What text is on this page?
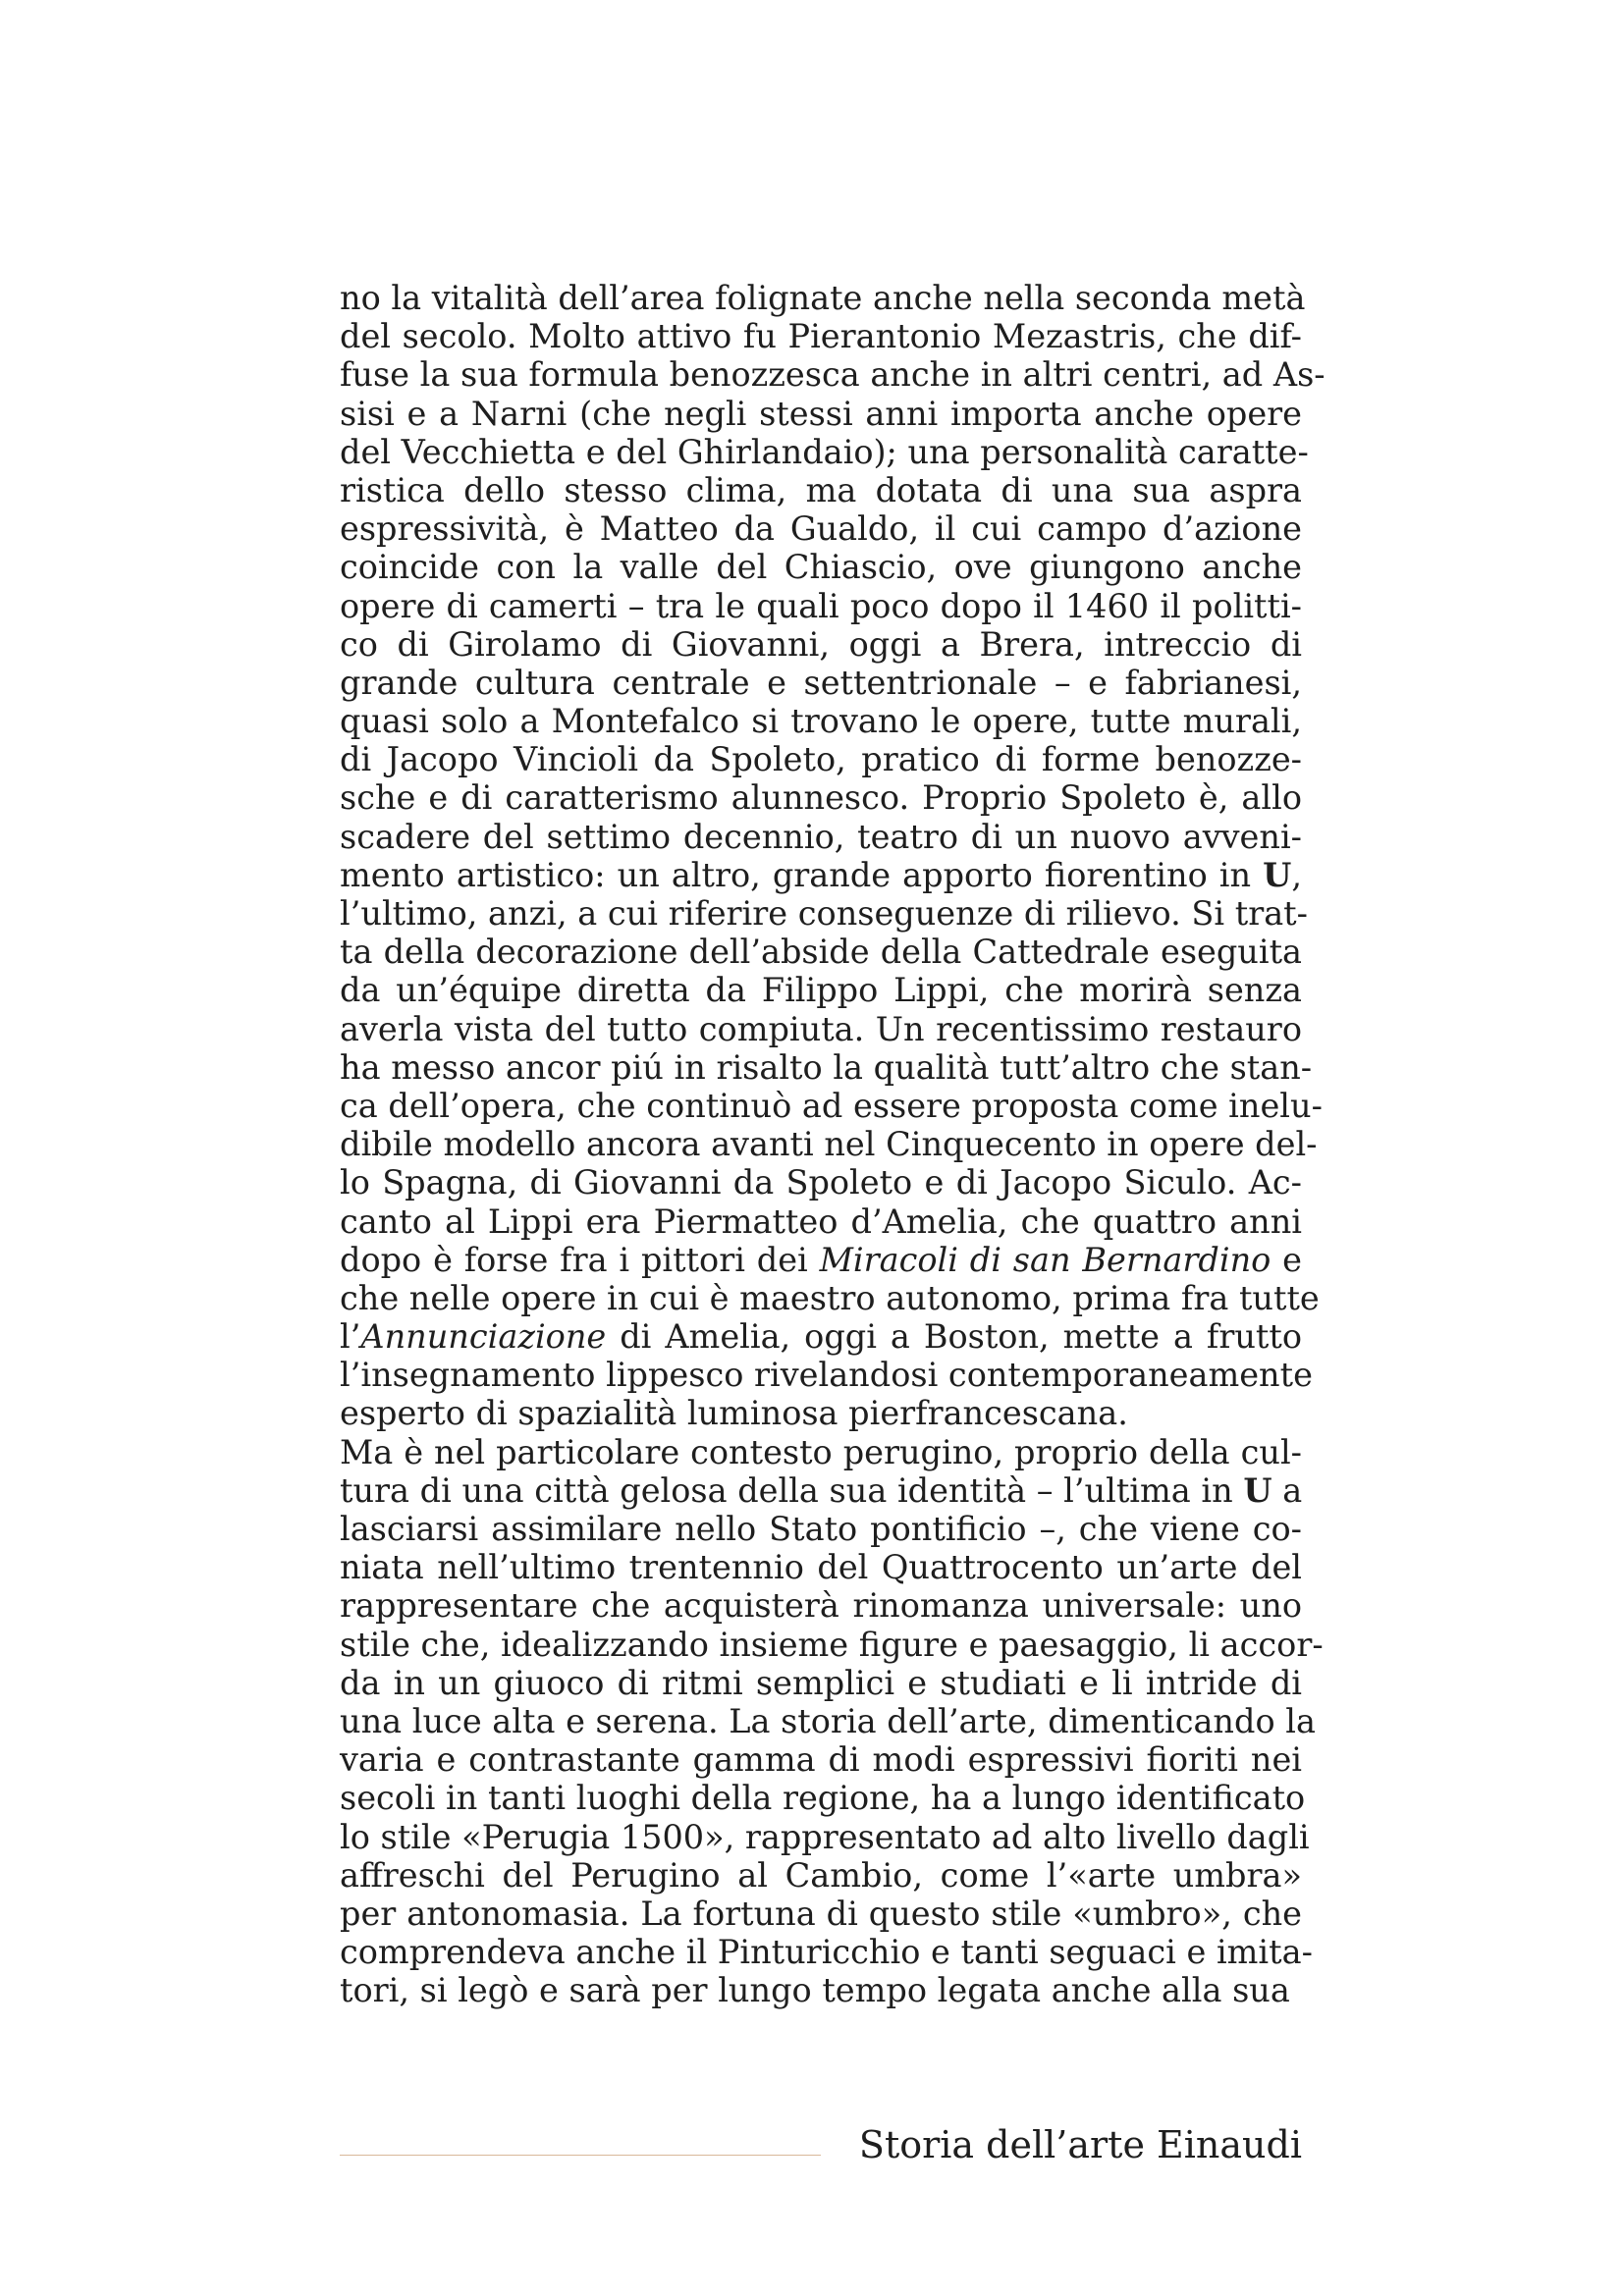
no la vitalità dell’area folignate anche nella seconda metà
del secolo. Molto attivo fu Pierantonio Mezastris, che dif-
fuse la sua formula benozzesca anche in altri centri, ad As-
sisi e a Narni (che negli stessi anni importa anche opere
del Vecchietta e del Ghirlandaio); una personalità caratte-
ristica dello stesso clima, ma dotata di una sua aspra
espressività, è Matteo da Gualdo, il cui campo d’azione
coincide con la valle del Chiascio, ove giungono anche
opere di camerti – tra le quali poco dopo il 1460 il politti-
co di Girolamo di Giovanni, oggi a Brera, intreccio di
grande cultura centrale e settentrionale – e fabrianesi,
quasi solo a Montefalco si trovano le opere, tutte murali,
di Jacopo Vincioli da Spoleto, pratico di forme benozze-
sche e di caratterismo alunnesco. Proprio Spoleto è, allo
scadere del settimo decennio, teatro di un nuovo avveni-
mento artistico: un altro, grande apporto fiorentino in U,
l’ultimo, anzi, a cui riferire conseguenze di rilievo. Si trat-
ta della decorazione dell’abside della Cattedrale eseguita
da un’équipe diretta da Filippo Lippi, che morirà senza
averla vista del tutto compiuta. Un recentissimo restauro
ha messo ancor piú in risalto la qualità tutt’altro che stan-
ca dell’opera, che continuò ad essere proposta come inelu-
dibile modello ancora avanti nel Cinquecento in opere del-
lo Spagna, di Giovanni da Spoleto e di Jacopo Siculo. Ac-
canto al Lippi era Piermatteo d’Amelia, che quattro anni
dopo è forse fra i pittori dei Miracoli di san Bernardino e
che nelle opere in cui è maestro autonomo, prima fra tutte
l’Annunciazione di Amelia, oggi a Boston, mette a frutto
l’insegnamento lippesco rivelandosi contemporaneamente
esperto di spazialità luminosa pierfrancescana.
Ma è nel particolare contesto perugino, proprio della cul-
tura di una città gelosa della sua identità – l’ultima in U a
lasciarsi assimilare nello Stato pontificio –, che viene co-
niata nell’ultimo trentennio del Quattrocento un’arte del
rappresentare che acquisterà rinomanza universale: uno
stile che, idealizzando insieme figure e paesaggio, li accor-
da in un giuoco di ritmi semplici e studiati e li intride di
una luce alta e serena. La storia dell’arte, dimenticando la
varia e contrastante gamma di modi espressivi fioriti nei
secoli in tanti luoghi della regione, ha a lungo identificato
lo stile «Perugia 1500», rappresentato ad alto livello dagli
affreschi del Perugino al Cambio, come l’«arte umbra»
per antonomasia. La fortuna di questo stile «umbro», che
comprendeva anche il Pinturicchio e tanti seguaci e imita-
tori, si legò e sarà per lungo tempo legata anche alla sua
Storia dell’arte Einaudi
